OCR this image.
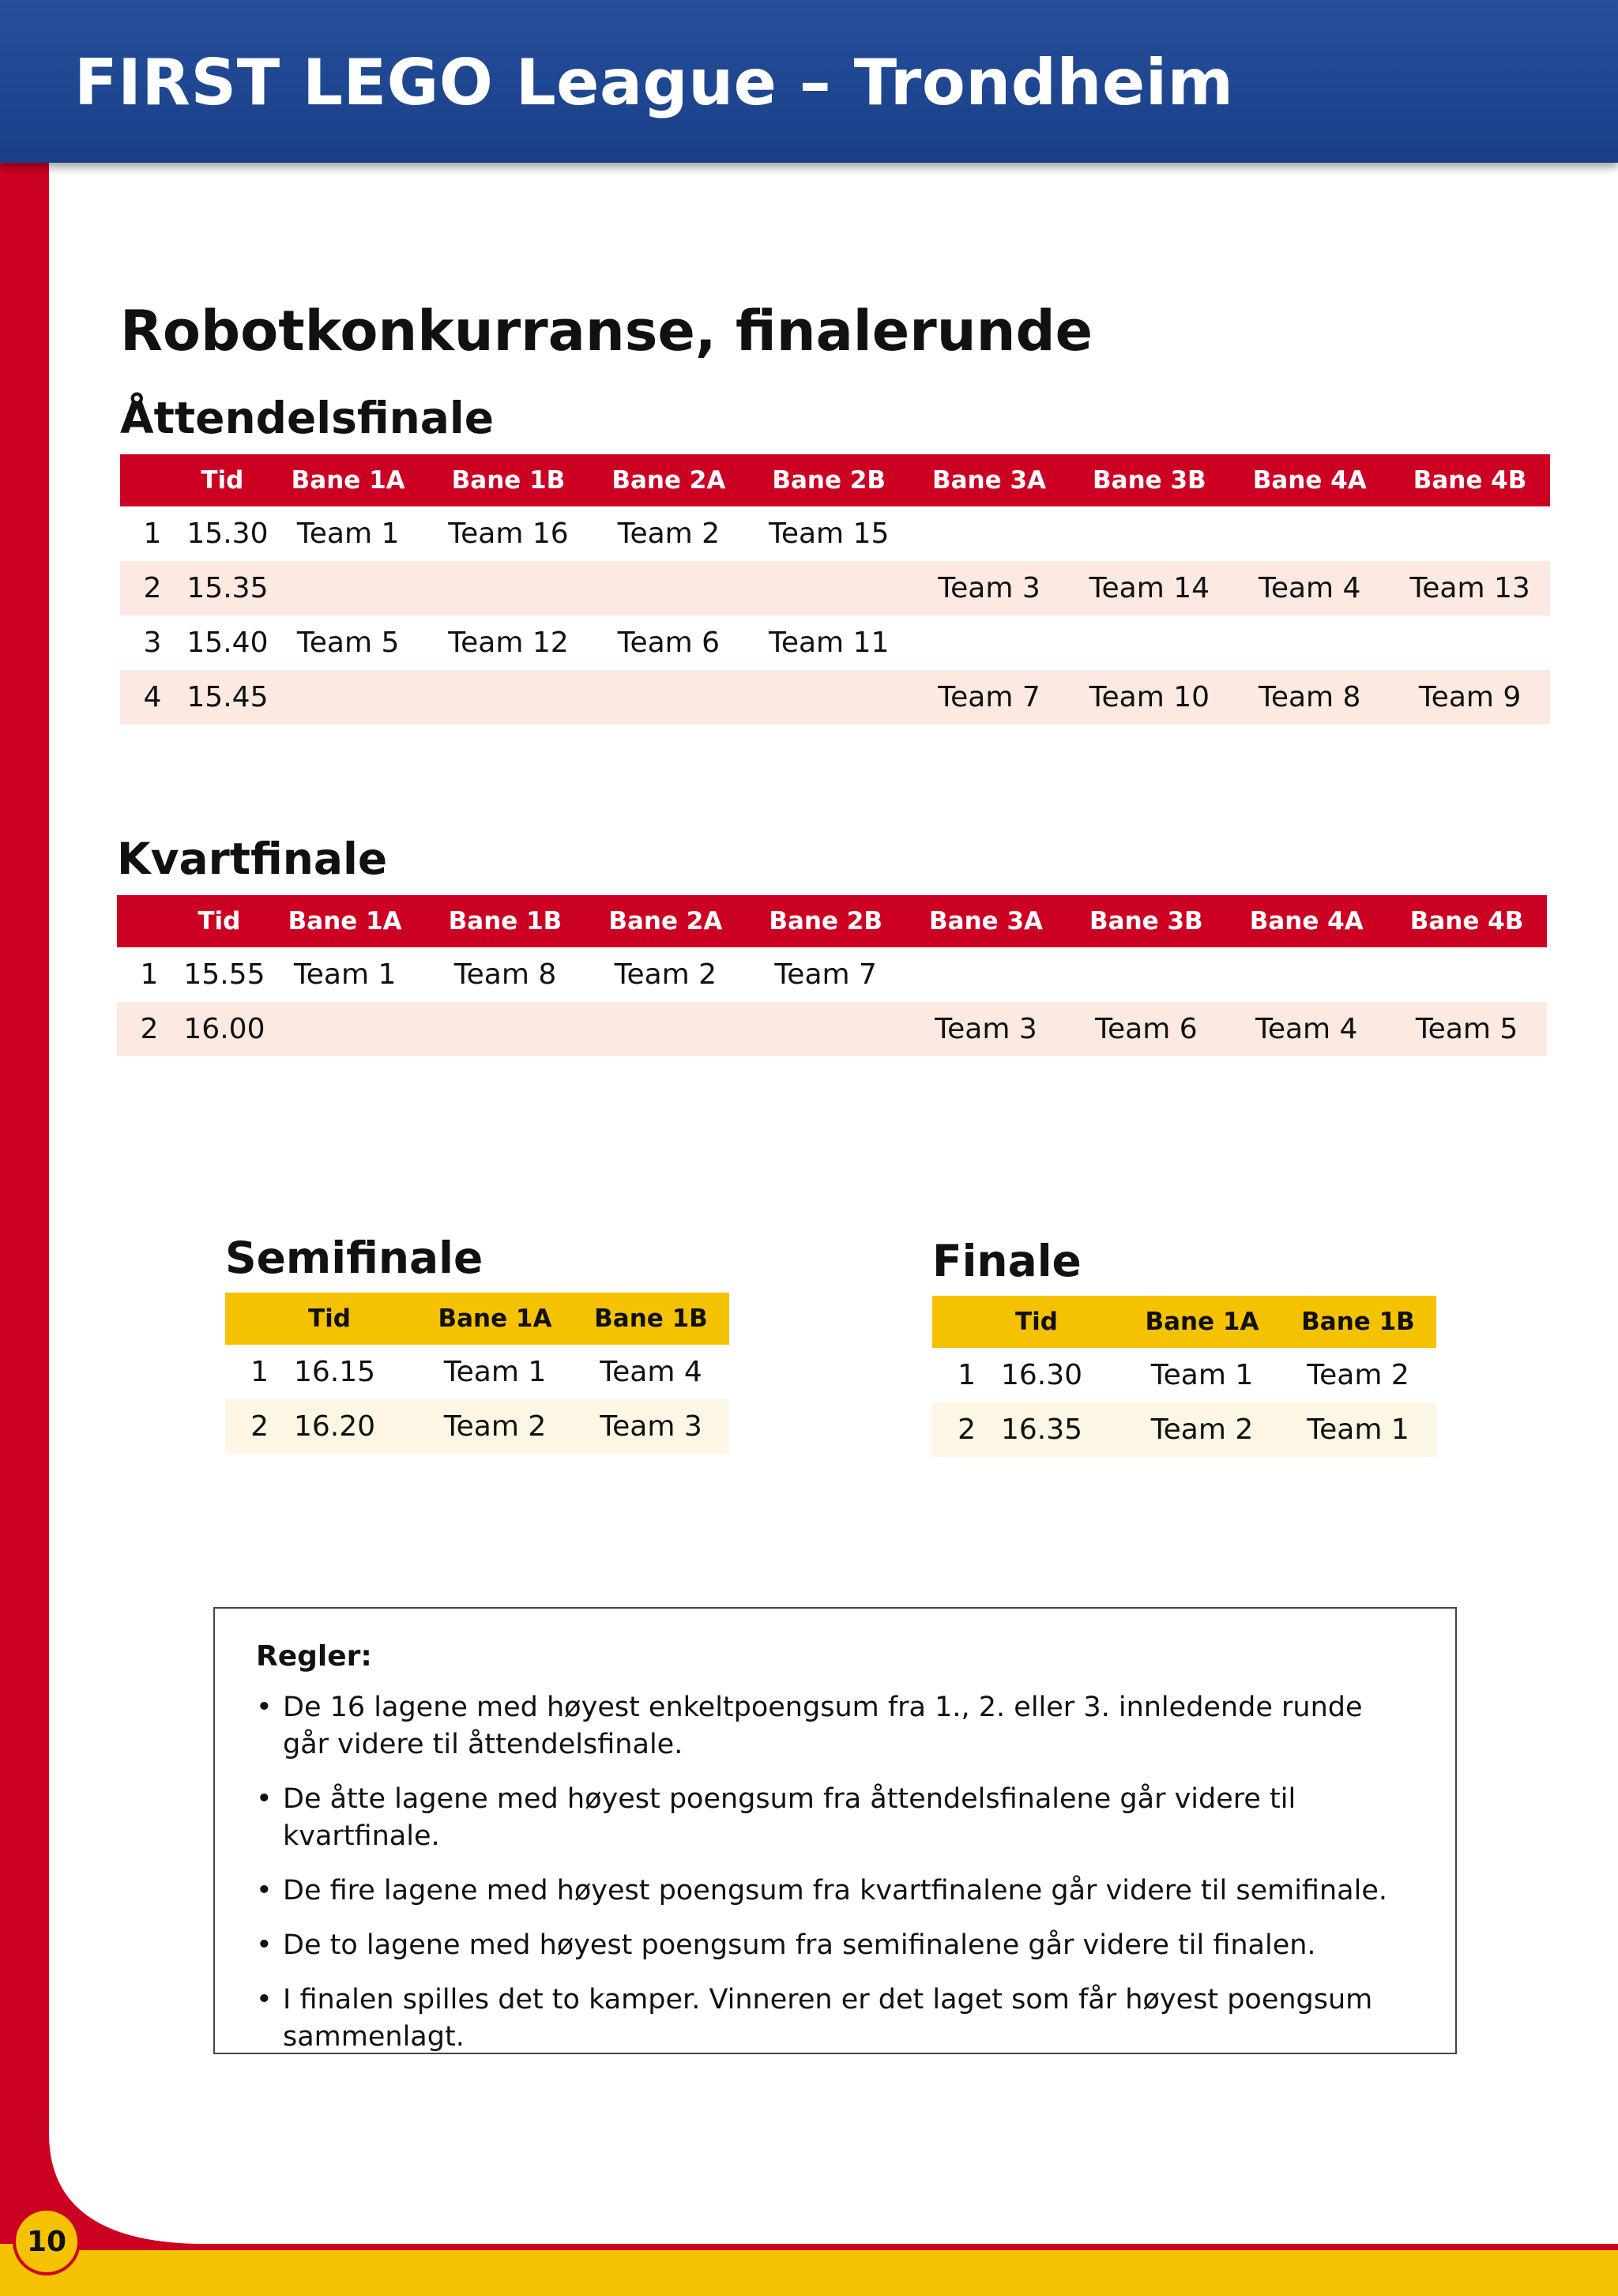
FIRST LEGO League – Trondheim
10
Robotkonkurranse, finalerunde
Åttendelsfinale
	Tid	Bane 1A	Bane 1B	Bane 2A	Bane 2B	Bane 3A	Bane 3B	Bane 4A	Bane 4B
1	15.30	Team 1	Team 16	Team 2	Team 15				
2	15.35					Team 3	Team 14	Team 4	Team 13
3	15.40	Team 5	Team 12	Team 6	Team 11				
4	15.45					Team 7	Team 10	Team 8	Team 9
Kvartfinale
	Tid	Bane 1A	Bane 1B	Bane 2A	Bane 2B	Bane 3A	Bane 3B	Bane 4A	Bane 4B
1	15.55	Team 1	Team 8	Team 2	Team 7				
2	16.00					Team 3	Team 6	Team 4	Team 5
Semifinale
	Tid	Bane 1A	Bane 1B
1	16.15	Team 1	Team 4
2	16.20	Team 2	Team 3
Finale
	Tid	Bane 1A	Bane 1B
1	16.30	Team 1	Team 2
2	16.35	Team 2	Team 1
Regler:
• De 16 lagene med høyest enkeltpoengsum fra 1., 2. eller 3. innledende runde går videre til åttendelsfinale.
• De åtte lagene med høyest poengsum fra åttendelsfinalene går videre til kvartfinale.
• De fire lagene med høyest poengsum fra kvartfinalene går videre til semifinale.
• De to lagene med høyest poengsum fra semifinalene går videre til finalen.
• I finalen spilles det to kamper. Vinneren er det laget som får høyest poengsum sammenlagt.
